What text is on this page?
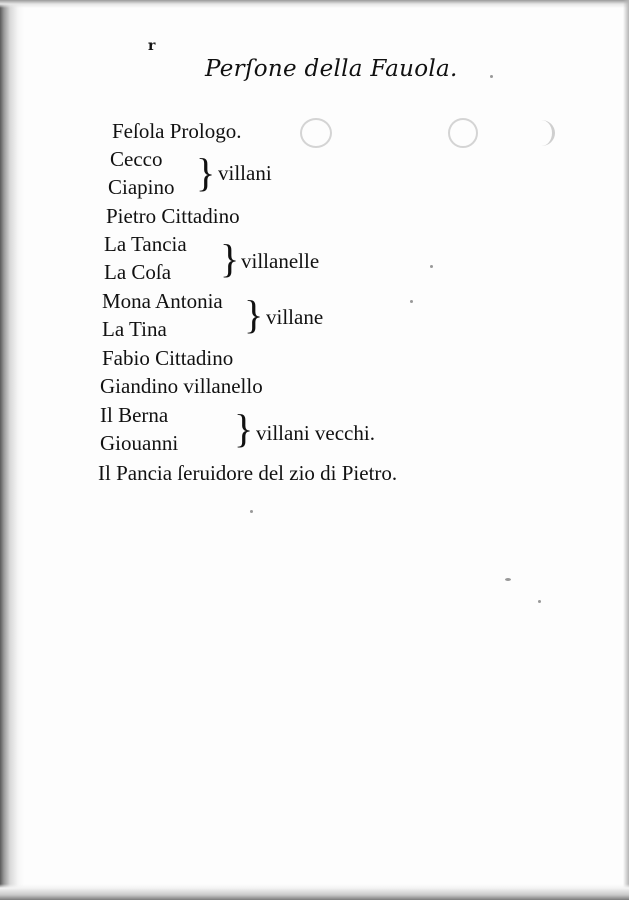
r
Perſone della Fauola.
Feſola Prologo.
Cecco
Ciapino } villani
Pietro Cittadino
La Tancia
La Coſa } villanelle
Mona Antonia
La Tina } villane
Fabio Cittadino
Giandino villanello
Il Berna
Giouanni } villani vecchi.
Il Pancia ſeruidore del zio di Pietro.
